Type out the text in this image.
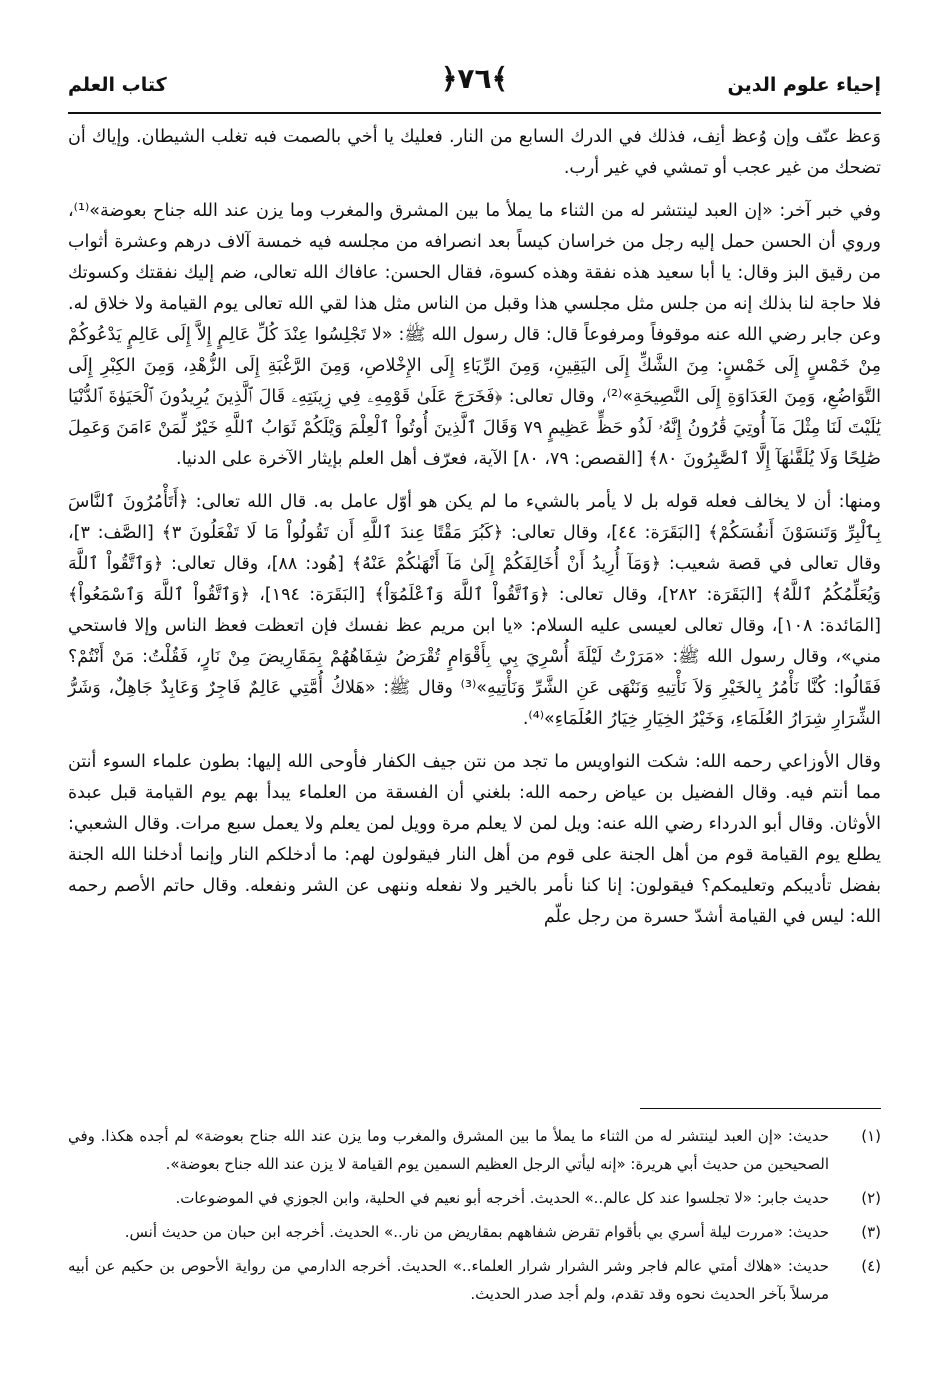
إحياء علوم الدين
﴿٧٦﴾
كتاب العلم

وَعظ عنّف وإن وُعظ أنِف، فذلك في الدرك السابع من النار. فعليك يا أخي بالصمت فبه تغلب الشيطان. وإياك أن تضحك من غير عجب أو تمشي في غير أرب.

وفي خبر آخر: «إن العبد لينتشر له من الثناء ما يملأ ما بين المشرق والمغرب وما يزن عند الله جناح بعوضة»⁽¹⁾، وروي أن الحسن حمل إليه رجل من خراسان كيساً بعد انصرافه من مجلسه فيه خمسة آلاف درهم وعشرة أثواب من رقيق البز وقال: يا أبا سعيد هذه نفقة وهذه كسوة، فقال الحسن: عافاك الله تعالى، ضم إليك نفقتك وكسوتك فلا حاجة لنا بذلك إنه من جلس مثل مجلسي هذا وقبل من الناس مثل هذا لقي الله تعالى يوم القيامة ولا خلاق له. وعن جابر رضي الله عنه موقوفاً ومرفوعاً قال: قال رسول الله ﷺ: «لا تَجْلِسُوا عِنْدَ كُلِّ عَالِمٍ إِلاَّ إِلَى عَالِمٍ يَدْعُوكُمْ مِنْ خَمْسٍ إِلَى خَمْسٍ: مِنَ الشَّكِّ إِلَى اليَقِينِ، وَمِنَ الرِّيَاءِ إِلَى الإِخْلاصِ، وَمِنَ الرَّغْبَةِ إِلَى الزُّهْدِ، وَمِنَ الكِبْرِ إِلَى التَّوَاضُعِ، وَمِنَ العَدَاوَةِ إِلَى النَّصِيحَةِ»⁽²⁾، وقال تعالى: ﴿فَخَرَجَ عَلَىٰ قَوْمِهِۦ فِي زِينَتِهِۦ قَالَ ٱلَّذِينَ يُرِيدُونَ ٱلْحَيَوٰةَ ٱلدُّنْيَا يَٰلَيْتَ لَنَا مِثْلَ مَآ أُوتِيَ قَٰرُونُ إِنَّهُۥ لَذُو حَظٍّ عَظِيمٍ ٧٩ وَقَالَ ٱلَّذِينَ أُوتُواْ ٱلْعِلْمَ وَيْلَكُمْ ثَوَابُ ٱللَّهِ خَيْرٌ لِّمَنْ ءَامَنَ وَعَمِلَ صَٰلِحًا وَلَا يُلَقَّىٰهَآ إِلَّا ٱلصَّٰبِرُونَ ٨٠﴾ [القصص: ٧٩، ٨٠] الآية، فعرّف أهل العلم بإيثار الآخرة على الدنيا.

ومنها: أن لا يخالف فعله قوله بل لا يأمر بالشيء ما لم يكن هو أوّل عامل به. قال الله تعالى: ﴿أَتَأْمُرُونَ ٱلنَّاسَ بِٱلْبِرِّ وَتَنسَوْنَ أَنفُسَكُمْ﴾ [البَقَرَة: ٤٤]، وقال تعالى: ﴿كَبُرَ مَقْتًا عِندَ ٱللَّهِ أَن تَقُولُواْ مَا لَا تَفْعَلُونَ ٣﴾ [الصَّف: ٣]، وقال تعالى في قصة شعيب: ﴿وَمَآ أُرِيدُ أَنْ أُخَالِفَكُمْ إِلَىٰ مَآ أَنْهَىٰكُمْ عَنْهُ﴾ [هُود: ٨٨]، وقال تعالى: ﴿وَٱتَّقُواْ ٱللَّهَ وَيُعَلِّمُكُمُ ٱللَّهُ﴾ [البَقَرَة: ٢٨٢]، وقال تعالى: ﴿وَٱتَّقُواْ ٱللَّهَ وَٱعْلَمُوٓاْ﴾ [البَقَرَة: ١٩٤]، ﴿وَٱتَّقُواْ ٱللَّهَ وَٱسْمَعُواْ﴾ [المَائدة: ١٠٨]، وقال تعالى لعيسى عليه السلام: «يا ابن مريم عظ نفسك فإن اتعظت فعظ الناس وإلا فاستحي مني»، وقال رسول الله ﷺ: «مَرَرْتُ لَيْلَةَ أُسْرِيَ بِي بِأَقْوَامٍ تُقْرَضُ شِفَاهُهُمْ بِمَقَارِيضَ مِنْ نَارٍ، فَقُلْتُ: مَنْ أَنْتُمْ؟ فَقَالُوا: كُنَّا نَأْمُرُ بِالخَيْرِ وَلاَ نَأْتِيهِ وَنَنْهَى عَنِ الشَّرِّ وَنَأْتِيهِ»⁽³⁾ وقال ﷺ: «هَلاكُ أُمَّتِي عَالِمٌ فَاجِرٌ وَعَابِدٌ جَاهِلٌ، وَشَرُّ الشِّرَارِ شِرَارُ العُلَمَاءِ، وَخَيْرُ الخِيَارِ خِيَارُ العُلَمَاءِ»⁽⁴⁾.

وقال الأوزاعي رحمه الله: شكت النواويس ما تجد من نتن جيف الكفار فأوحى الله إليها: بطون علماء السوء أنتن مما أنتم فيه. وقال الفضيل بن عياض رحمه الله: بلغني أن الفسقة من العلماء يبدأ بهم يوم القيامة قبل عبدة الأوثان. وقال أبو الدرداء رضي الله عنه: ويل لمن لا يعلم مرة وويل لمن يعلم ولا يعمل سبع مرات. وقال الشعبي: يطلع يوم القيامة قوم من أهل الجنة على قوم من أهل النار فيقولون لهم: ما أدخلكم النار وإنما أدخلنا الله الجنة بفضل تأديبكم وتعليمكم؟ فيقولون: إنا كنا نأمر بالخير ولا نفعله وننهى عن الشر ونفعله. وقال حاتم الأصم رحمه الله: ليس في القيامة أشدّ حسرة من رجل علّم

(١)
حديث: «إن العبد لينتشر له من الثناء ما يملأ ما بين المشرق والمغرب وما يزن عند الله جناح بعوضة» لم أجده هكذا. وفي الصحيحين من حديث أبي هريرة: «إنه ليأتي الرجل العظيم السمين يوم القيامة لا يزن عند الله جناح بعوضة».
(٢)
حديث جابر: «لا تجلسوا عند كل عالم..» الحديث. أخرجه أبو نعيم في الحلية، وابن الجوزي في الموضوعات.
(٣)
حديث: «مررت ليلة أسري بي بأقوام تقرض شفاههم بمقاريض من نار..» الحديث. أخرجه ابن حبان من حديث أنس.
(٤)
حديث: «هلاك أمتي عالم فاجر وشر الشرار شرار العلماء..» الحديث. أخرجه الدارمي من رواية الأحوص بن حكيم عن أبيه مرسلاً بآخر الحديث نحوه وقد تقدم، ولم أجد صدر الحديث.
